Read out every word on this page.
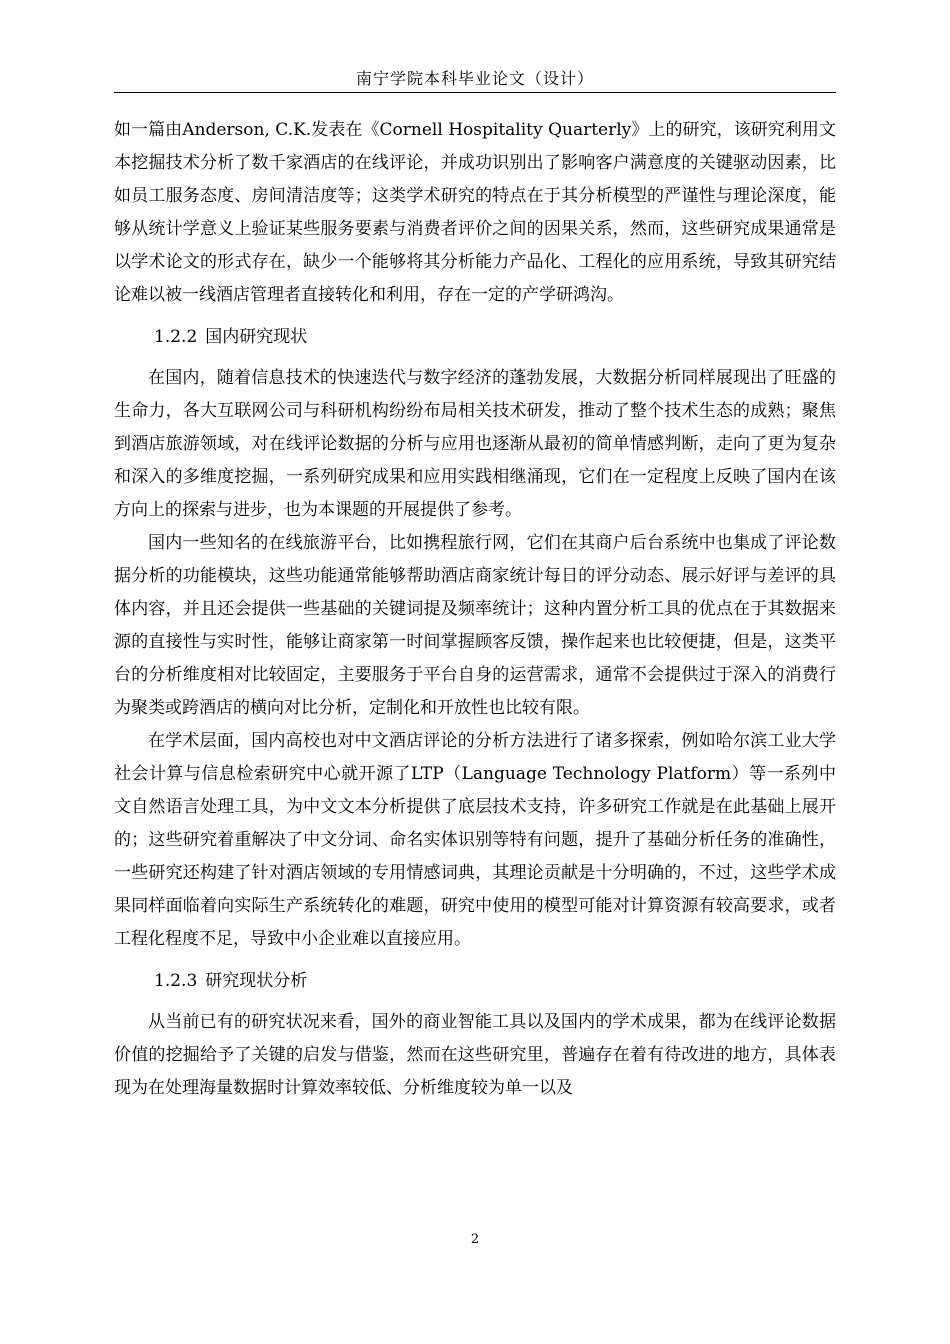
南宁学院本科毕业论文（设计）

如一篇由Anderson, C.K.发表在《Cornell Hospitality Quarterly》上的研究，该研究利用文本挖掘技术分析了数千家酒店的在线评论，并成功识别出了影响客户满意度的关键驱动因素，比如员工服务态度、房间清洁度等；这类学术研究的特点在于其分析模型的严谨性与理论深度，能够从统计学意义上验证某些服务要素与消费者评价之间的因果关系，然而，这些研究成果通常是以学术论文的形式存在，缺少一个能够将其分析能力产品化、工程化的应用系统，导致其研究结论难以被一线酒店管理者直接转化和利用，存在一定的产学研鸿沟。

1.2.2 国内研究现状

在国内，随着信息技术的快速迭代与数字经济的蓬勃发展，大数据分析同样展现出了旺盛的生命力，各大互联网公司与科研机构纷纷布局相关技术研发，推动了整个技术生态的成熟；聚焦到酒店旅游领域，对在线评论数据的分析与应用也逐渐从最初的简单情感判断，走向了更为复杂和深入的多维度挖掘，一系列研究成果和应用实践相继涌现，它们在一定程度上反映了国内在该方向上的探索与进步，也为本课题的开展提供了参考。

国内一些知名的在线旅游平台，比如携程旅行网，它们在其商户后台系统中也集成了评论数据分析的功能模块，这些功能通常能够帮助酒店商家统计每日的评分动态、展示好评与差评的具体内容，并且还会提供一些基础的关键词提及频率统计；这种内置分析工具的优点在于其数据来源的直接性与实时性，能够让商家第一时间掌握顾客反馈，操作起来也比较便捷，但是，这类平台的分析维度相对比较固定，主要服务于平台自身的运营需求，通常不会提供过于深入的消费行为聚类或跨酒店的横向对比分析，定制化和开放性也比较有限。

在学术层面，国内高校也对中文酒店评论的分析方法进行了诸多探索，例如哈尔滨工业大学社会计算与信息检索研究中心就开源了LTP（Language Technology Platform）等一系列中文自然语言处理工具，为中文文本分析提供了底层技术支持，许多研究工作就是在此基础上展开的；这些研究着重解决了中文分词、命名实体识别等特有问题，提升了基础分析任务的准确性，一些研究还构建了针对酒店领域的专用情感词典，其理论贡献是十分明确的，不过，这些学术成果同样面临着向实际生产系统转化的难题，研究中使用的模型可能对计算资源有较高要求，或者工程化程度不足，导致中小企业难以直接应用。

1.2.3 研究现状分析

从当前已有的研究状况来看，国外的商业智能工具以及国内的学术成果，都为在线评论数据价值的挖掘给予了关键的启发与借鉴，然而在这些研究里，普遍存在着有待改进的地方，具体表现为在处理海量数据时计算效率较低、分析维度较为单一以及

2
